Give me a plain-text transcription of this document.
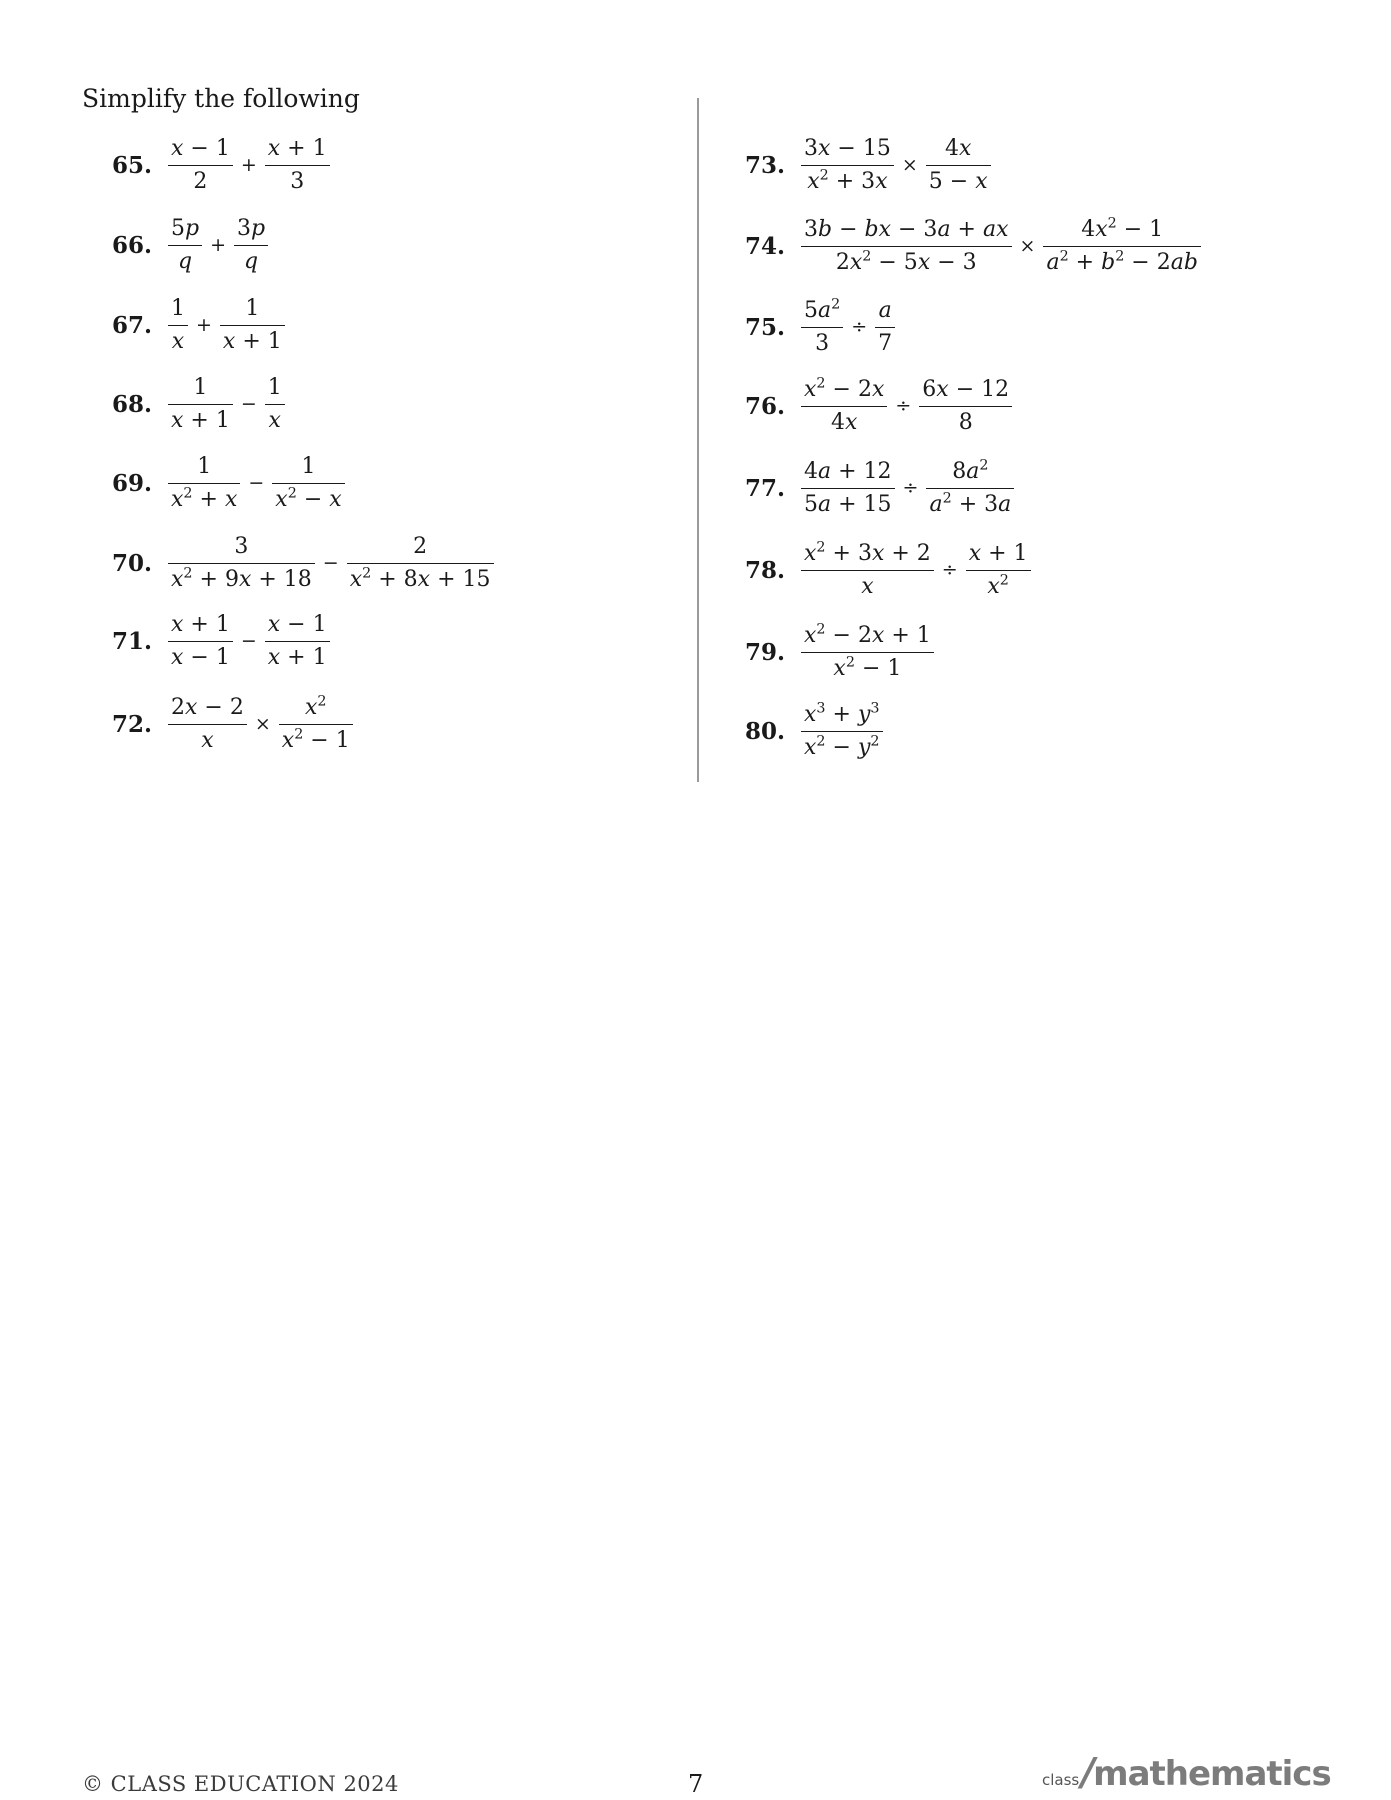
Simplify the following
65. $\frac{x - 1}{2} + \frac{x + 1}{3}$
66. $\frac{5p}{q} + \frac{3p}{q}$
67. $\frac{1}{x} + \frac{1}{x + 1}$
68. $\frac{1}{x + 1} - \frac{1}{x}$
69. $\frac{1}{x^2 + x} - \frac{1}{x^2 - x}$
70. $\frac{3}{x^2 + 9x + 18} - \frac{2}{x^2 + 8x + 15}$
71. $\frac{x + 1}{x - 1} - \frac{x - 1}{x + 1}$
72. $\frac{2x - 2}{x} \times \frac{x^2}{x^2 - 1}$
73. $\frac{3x - 15}{x^2 + 3x} \times \frac{4x}{5 - x}$
74. $\frac{3b - bx - 3a + ax}{2x^2 - 5x - 3} \times \frac{4x^2 - 1}{a^2 + b^2 - 2ab}$
75. $\frac{5a^2}{3} \div \frac{a}{7}$
76. $\frac{x^2 - 2x}{4x} \div \frac{6x - 12}{8}$
77. $\frac{4a + 12}{5a + 15} \div \frac{8a^2}{a^2 + 3a}$
78. $\frac{x^2 + 3x + 2}{x} \div \frac{x + 1}{x^2}$
79. $\frac{x^2 - 2x + 1}{x^2 - 1}$
80. $\frac{x^3 + y^3}{x^2 - y^2}$
© CLASS EDUCATION 2024	7	class /
mathematics
